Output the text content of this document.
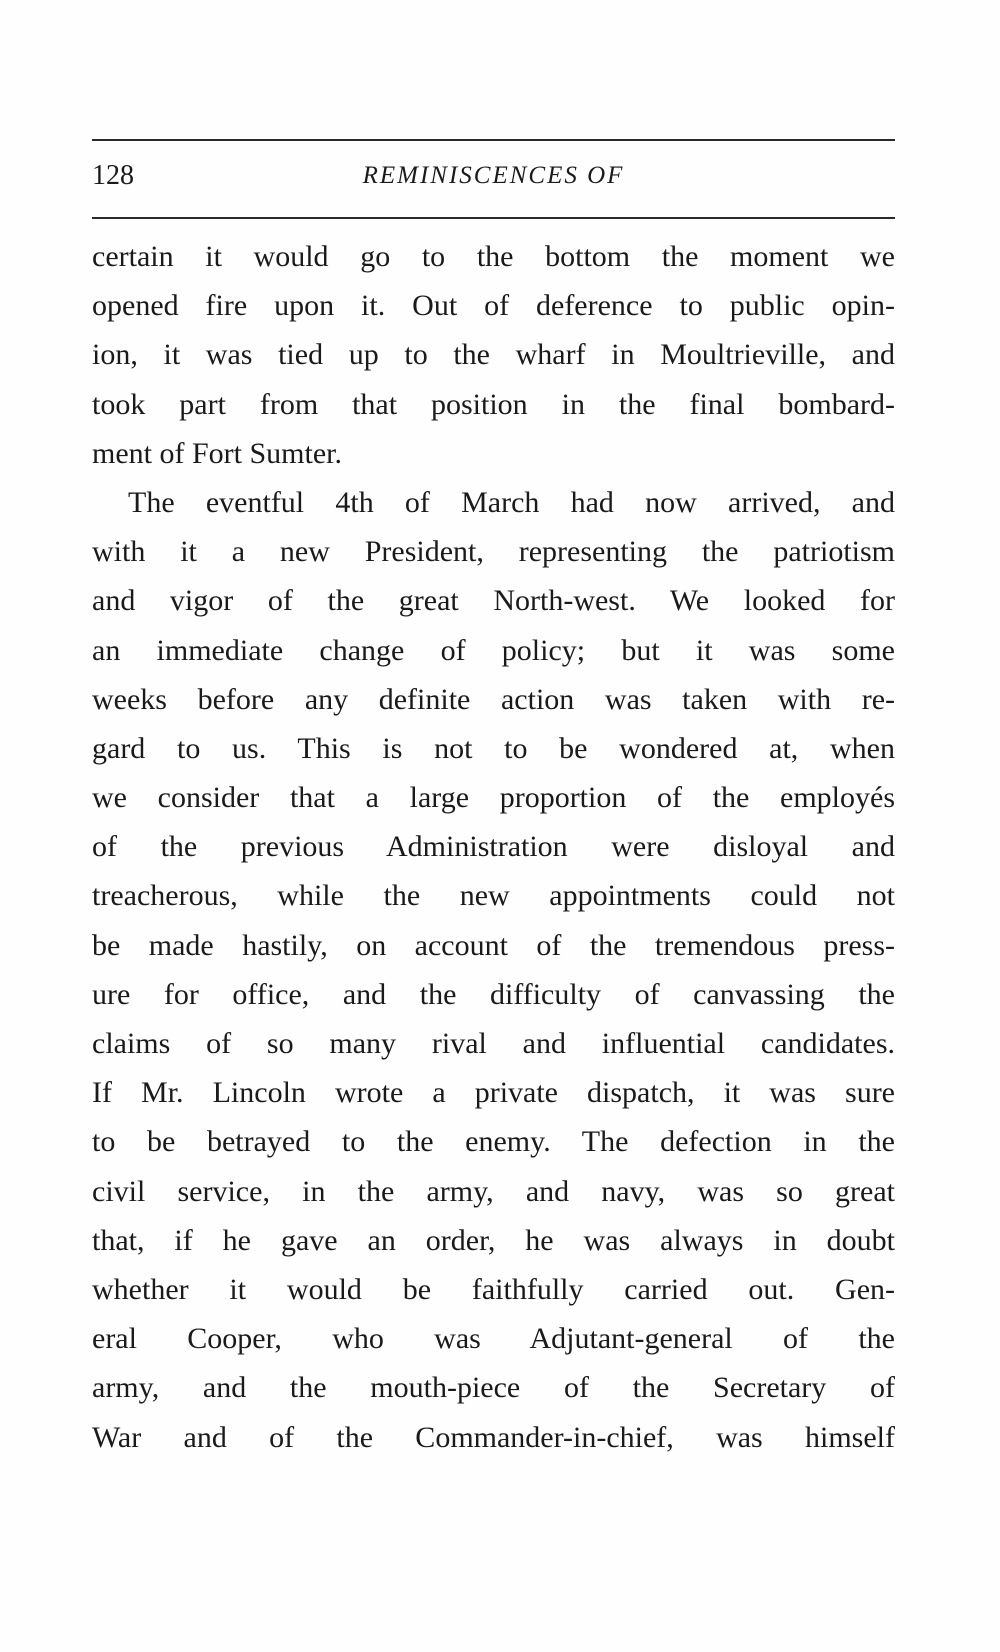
128	REMINISCENCES OF
certain it would go to the bottom the moment we
opened fire upon it. Out of deference to public opin-
ion, it was tied up to the wharf in Moultrieville, and
took part from that position in the final bombard-
ment of Fort Sumter.
The eventful 4th of March had now arrived, and
with it a new President, representing the patriotism
and vigor of the great North-west. We looked for
an immediate change of policy; but it was some
weeks before any definite action was taken with re-
gard to us. This is not to be wondered at, when
we consider that a large proportion of the employés
of the previous Administration were disloyal and
treacherous, while the new appointments could not
be made hastily, on account of the tremendous press-
ure for office, and the difficulty of canvassing the
claims of so many rival and influential candidates.
If Mr. Lincoln wrote a private dispatch, it was sure
to be betrayed to the enemy. The defection in the
civil service, in the army, and navy, was so great
that, if he gave an order, he was always in doubt
whether it would be faithfully carried out. Gen-
eral Cooper, who was Adjutant-general of the
army, and the mouth-piece of the Secretary of
War and of the Commander-in-chief, was himself
